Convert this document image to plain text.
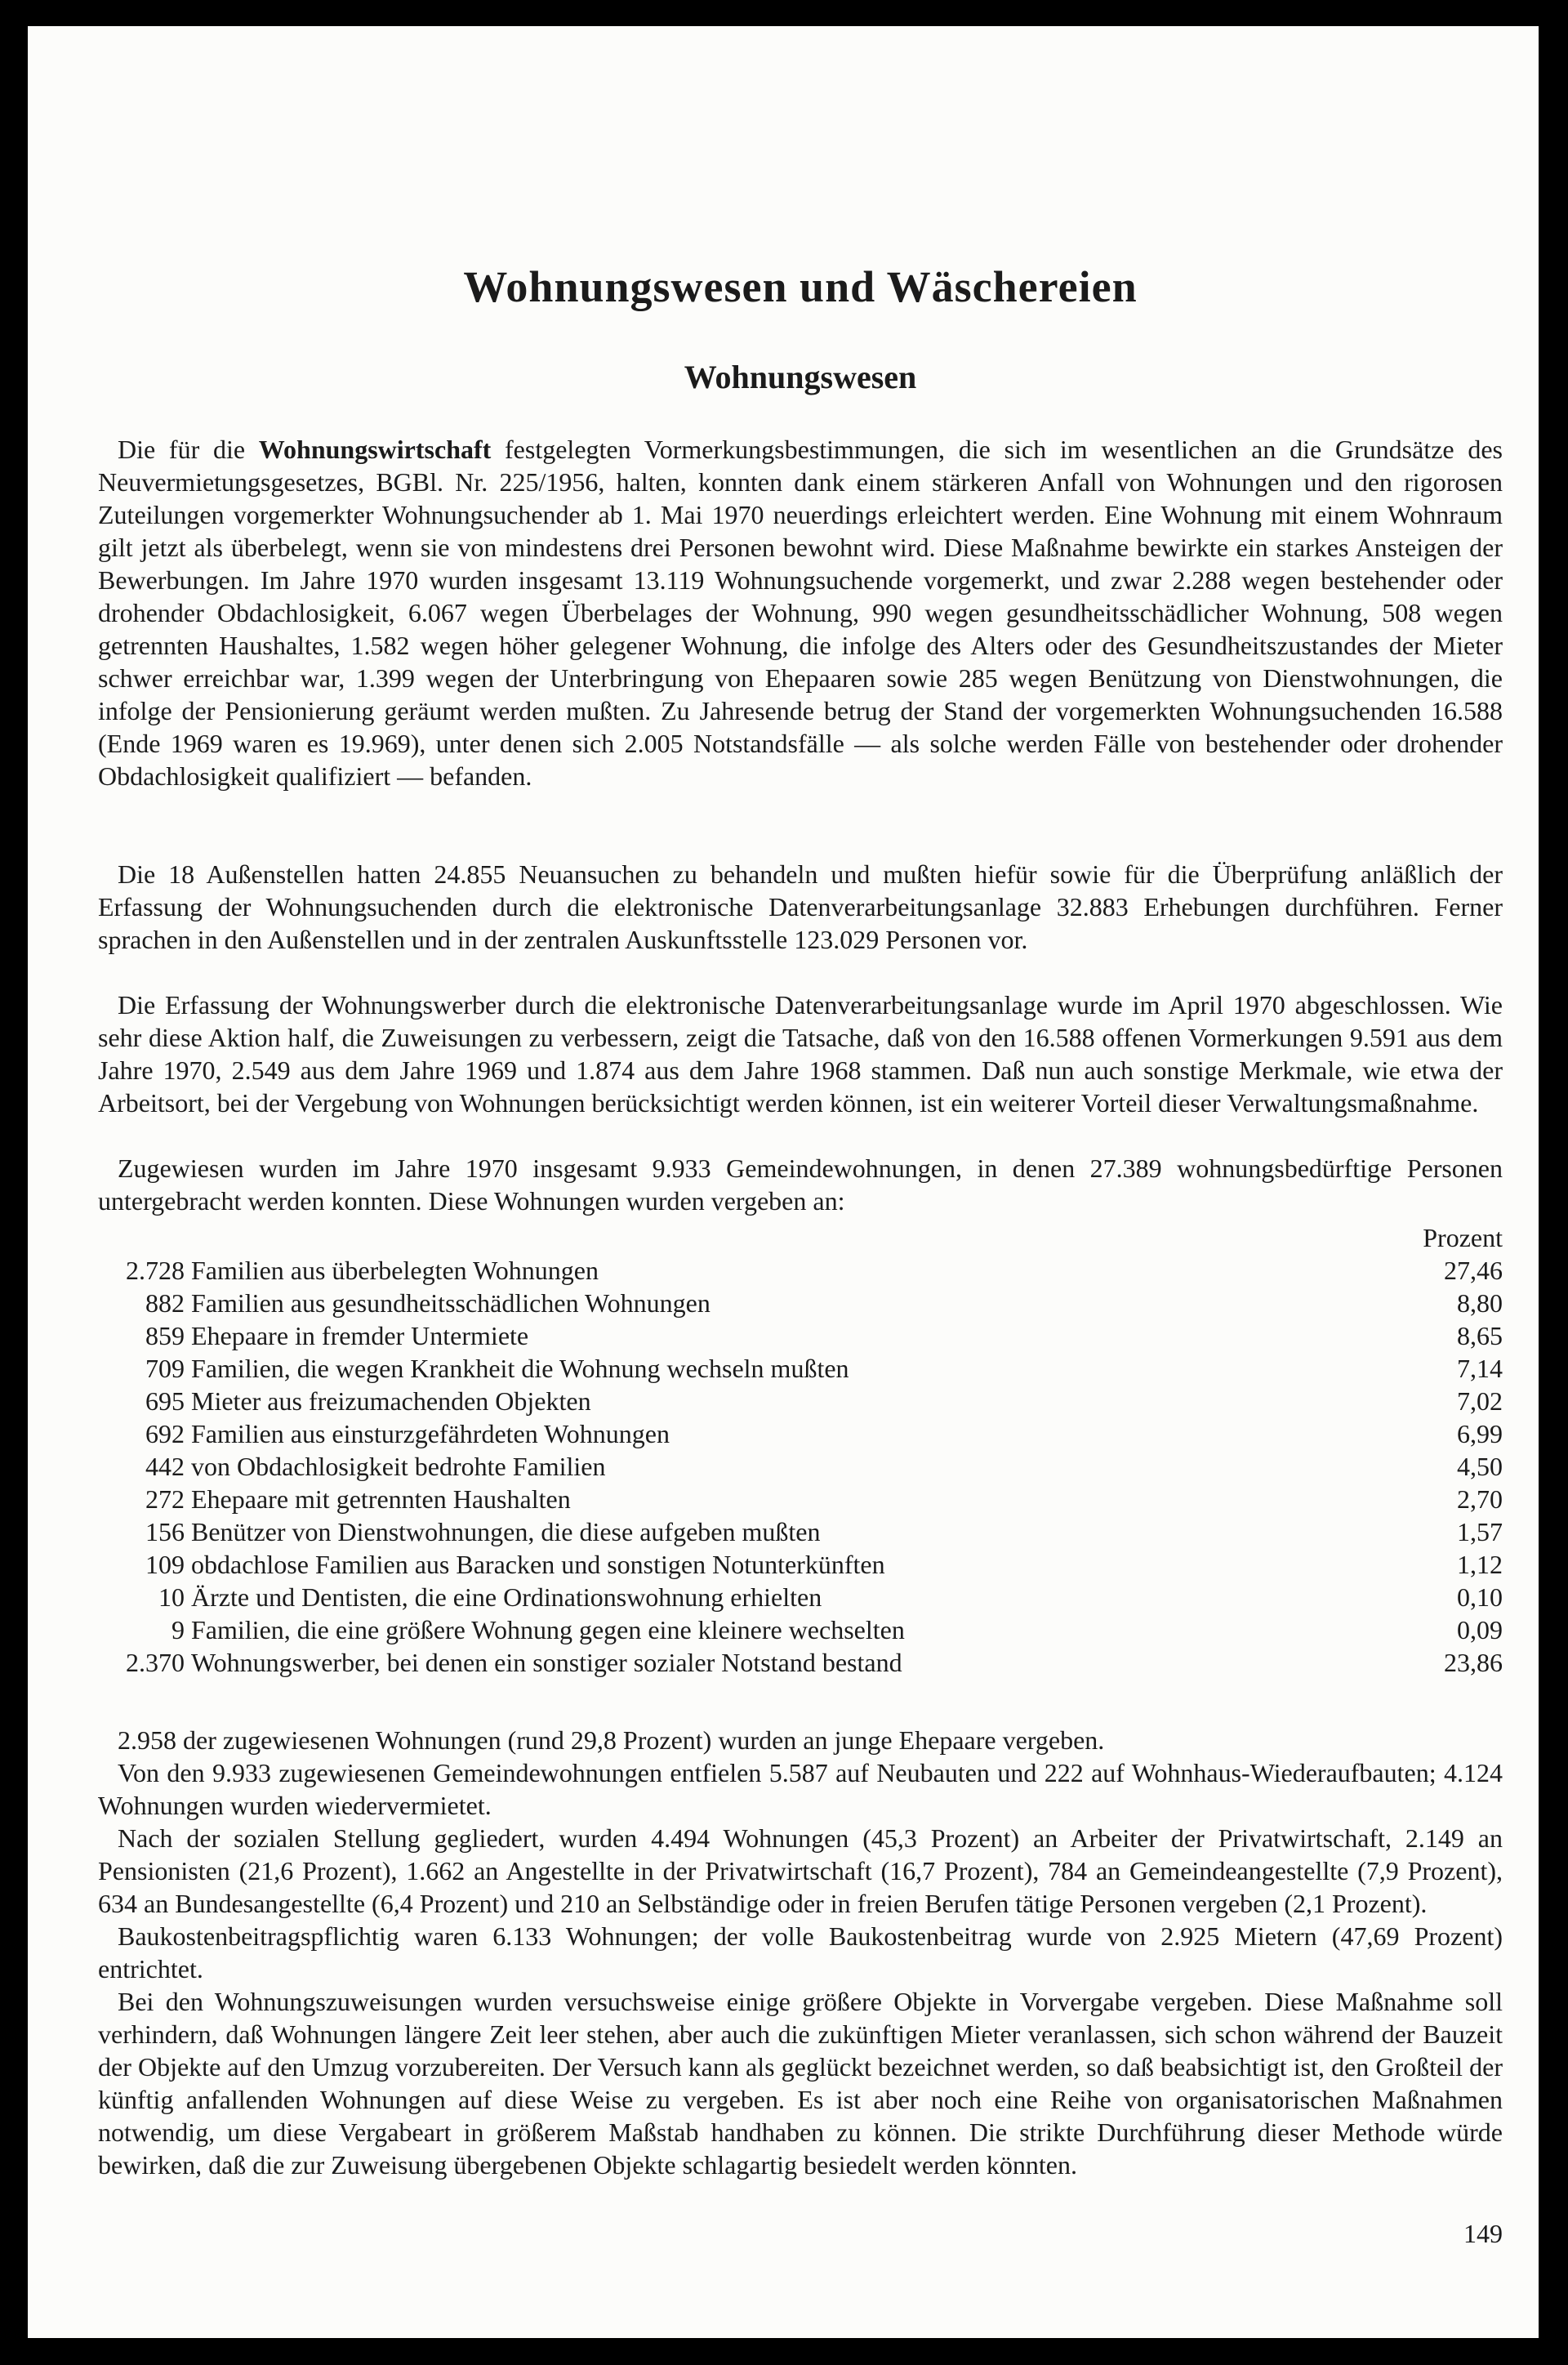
Wohnungswesen und Wäschereien
Wohnungswesen

Die für die Wohnungswirtschaft festgelegten Vormerkungsbestimmungen, die sich im wesentlichen an die Grundsätze des Neuvermietungsgesetzes, BGBl. Nr. 225/1956, halten, konnten dank einem stärkeren Anfall von Wohnungen und den rigorosen Zuteilungen vorgemerkter Wohnungsuchender ab 1. Mai 1970 neuerdings erleichtert werden. Eine Wohnung mit einem Wohnraum gilt jetzt als überbelegt, wenn sie von mindestens drei Personen bewohnt wird. Diese Maßnahme bewirkte ein starkes Ansteigen der Bewerbungen. Im Jahre 1970 wurden insgesamt 13.119 Wohnungsuchende vorgemerkt, und zwar 2.288 wegen bestehender oder drohender Obdachlosigkeit, 6.067 wegen Überbelages der Wohnung, 990 wegen gesundheitsschädlicher Wohnung, 508 wegen getrennten Haushaltes, 1.582 wegen höher gelegener Wohnung, die infolge des Alters oder des Gesundheitszustandes der Mieter schwer erreichbar war, 1.399 wegen der Unterbringung von Ehepaaren sowie 285 wegen Benützung von Dienstwohnungen, die infolge der Pensionierung geräumt werden mußten. Zu Jahresende betrug der Stand der vorgemerkten Wohnungsuchenden 16.588 (Ende 1969 waren es 19.969), unter denen sich 2.005 Notstandsfälle — als solche werden Fälle von bestehender oder drohender Obdachlosigkeit qualifiziert — befanden.

Die 18 Außenstellen hatten 24.855 Neuansuchen zu behandeln und mußten hiefür sowie für die Überprüfung anläßlich der Erfassung der Wohnungsuchenden durch die elektronische Datenverarbeitungsanlage 32.883 Erhebungen durchführen. Ferner sprachen in den Außenstellen und in der zentralen Auskunftsstelle 123.029 Personen vor.

Die Erfassung der Wohnungswerber durch die elektronische Datenverarbeitungsanlage wurde im April 1970 abgeschlossen. Wie sehr diese Aktion half, die Zuweisungen zu verbessern, zeigt die Tatsache, daß von den 16.588 offenen Vormerkungen 9.591 aus dem Jahre 1970, 2.549 aus dem Jahre 1969 und 1.874 aus dem Jahre 1968 stammen. Daß nun auch sonstige Merkmale, wie etwa der Arbeitsort, bei der Vergebung von Wohnungen berücksichtigt werden können, ist ein weiterer Vorteil dieser Verwaltungsmaßnahme.

Zugewiesen wurden im Jahre 1970 insgesamt 9.933 Gemeindewohnungen, in denen 27.389 wohnungsbedürftige Personen untergebracht werden konnten. Diese Wohnungen wurden vergeben an:

Prozent
2.728 Familien aus überbelegten Wohnungen	27,46
882 Familien aus gesundheitsschädlichen Wohnungen	8,80
859 Ehepaare in fremder Untermiete	8,65
709 Familien, die wegen Krankheit die Wohnung wechseln mußten	7,14
695 Mieter aus freizumachenden Objekten	7,02
692 Familien aus einsturzgefährdeten Wohnungen	6,99
442 von Obdachlosigkeit bedrohte Familien	4,50
272 Ehepaare mit getrennten Haushalten	2,70
156 Benützer von Dienstwohnungen, die diese aufgeben mußten	1,57
109 obdachlose Familien aus Baracken und sonstigen Notunterkünften	1,12
10 Ärzte und Dentisten, die eine Ordinationswohnung erhielten	0,10
9 Familien, die eine größere Wohnung gegen eine kleinere wechselten	0,09
2.370 Wohnungswerber, bei denen ein sonstiger sozialer Notstand bestand	23,86

2.958 der zugewiesenen Wohnungen (rund 29,8 Prozent) wurden an junge Ehepaare vergeben.

Von den 9.933 zugewiesenen Gemeindewohnungen entfielen 5.587 auf Neubauten und 222 auf Wohnhaus-Wiederaufbauten; 4.124 Wohnungen wurden wiedervermietet.

Nach der sozialen Stellung gegliedert, wurden 4.494 Wohnungen (45,3 Prozent) an Arbeiter der Privatwirtschaft, 2.149 an Pensionisten (21,6 Prozent), 1.662 an Angestellte in der Privatwirtschaft (16,7 Prozent), 784 an Gemeindeangestellte (7,9 Prozent), 634 an Bundesangestellte (6,4 Prozent) und 210 an Selbständige oder in freien Berufen tätige Personen vergeben (2,1 Prozent).

Baukostenbeitragspflichtig waren 6.133 Wohnungen; der volle Baukostenbeitrag wurde von 2.925 Mietern (47,69 Prozent) entrichtet.

Bei den Wohnungszuweisungen wurden versuchsweise einige größere Objekte in Vorvergabe vergeben. Diese Maßnahme soll verhindern, daß Wohnungen längere Zeit leer stehen, aber auch die zukünftigen Mieter veranlassen, sich schon während der Bauzeit der Objekte auf den Umzug vorzubereiten. Der Versuch kann als geglückt bezeichnet werden, so daß beabsichtigt ist, den Großteil der künftig anfallenden Wohnungen auf diese Weise zu vergeben. Es ist aber noch eine Reihe von organisatorischen Maßnahmen notwendig, um diese Vergabeart in größerem Maßstab handhaben zu können. Die strikte Durchführung dieser Methode würde bewirken, daß die zur Zuweisung übergebenen Objekte schlagartig besiedelt werden könnten.

149
